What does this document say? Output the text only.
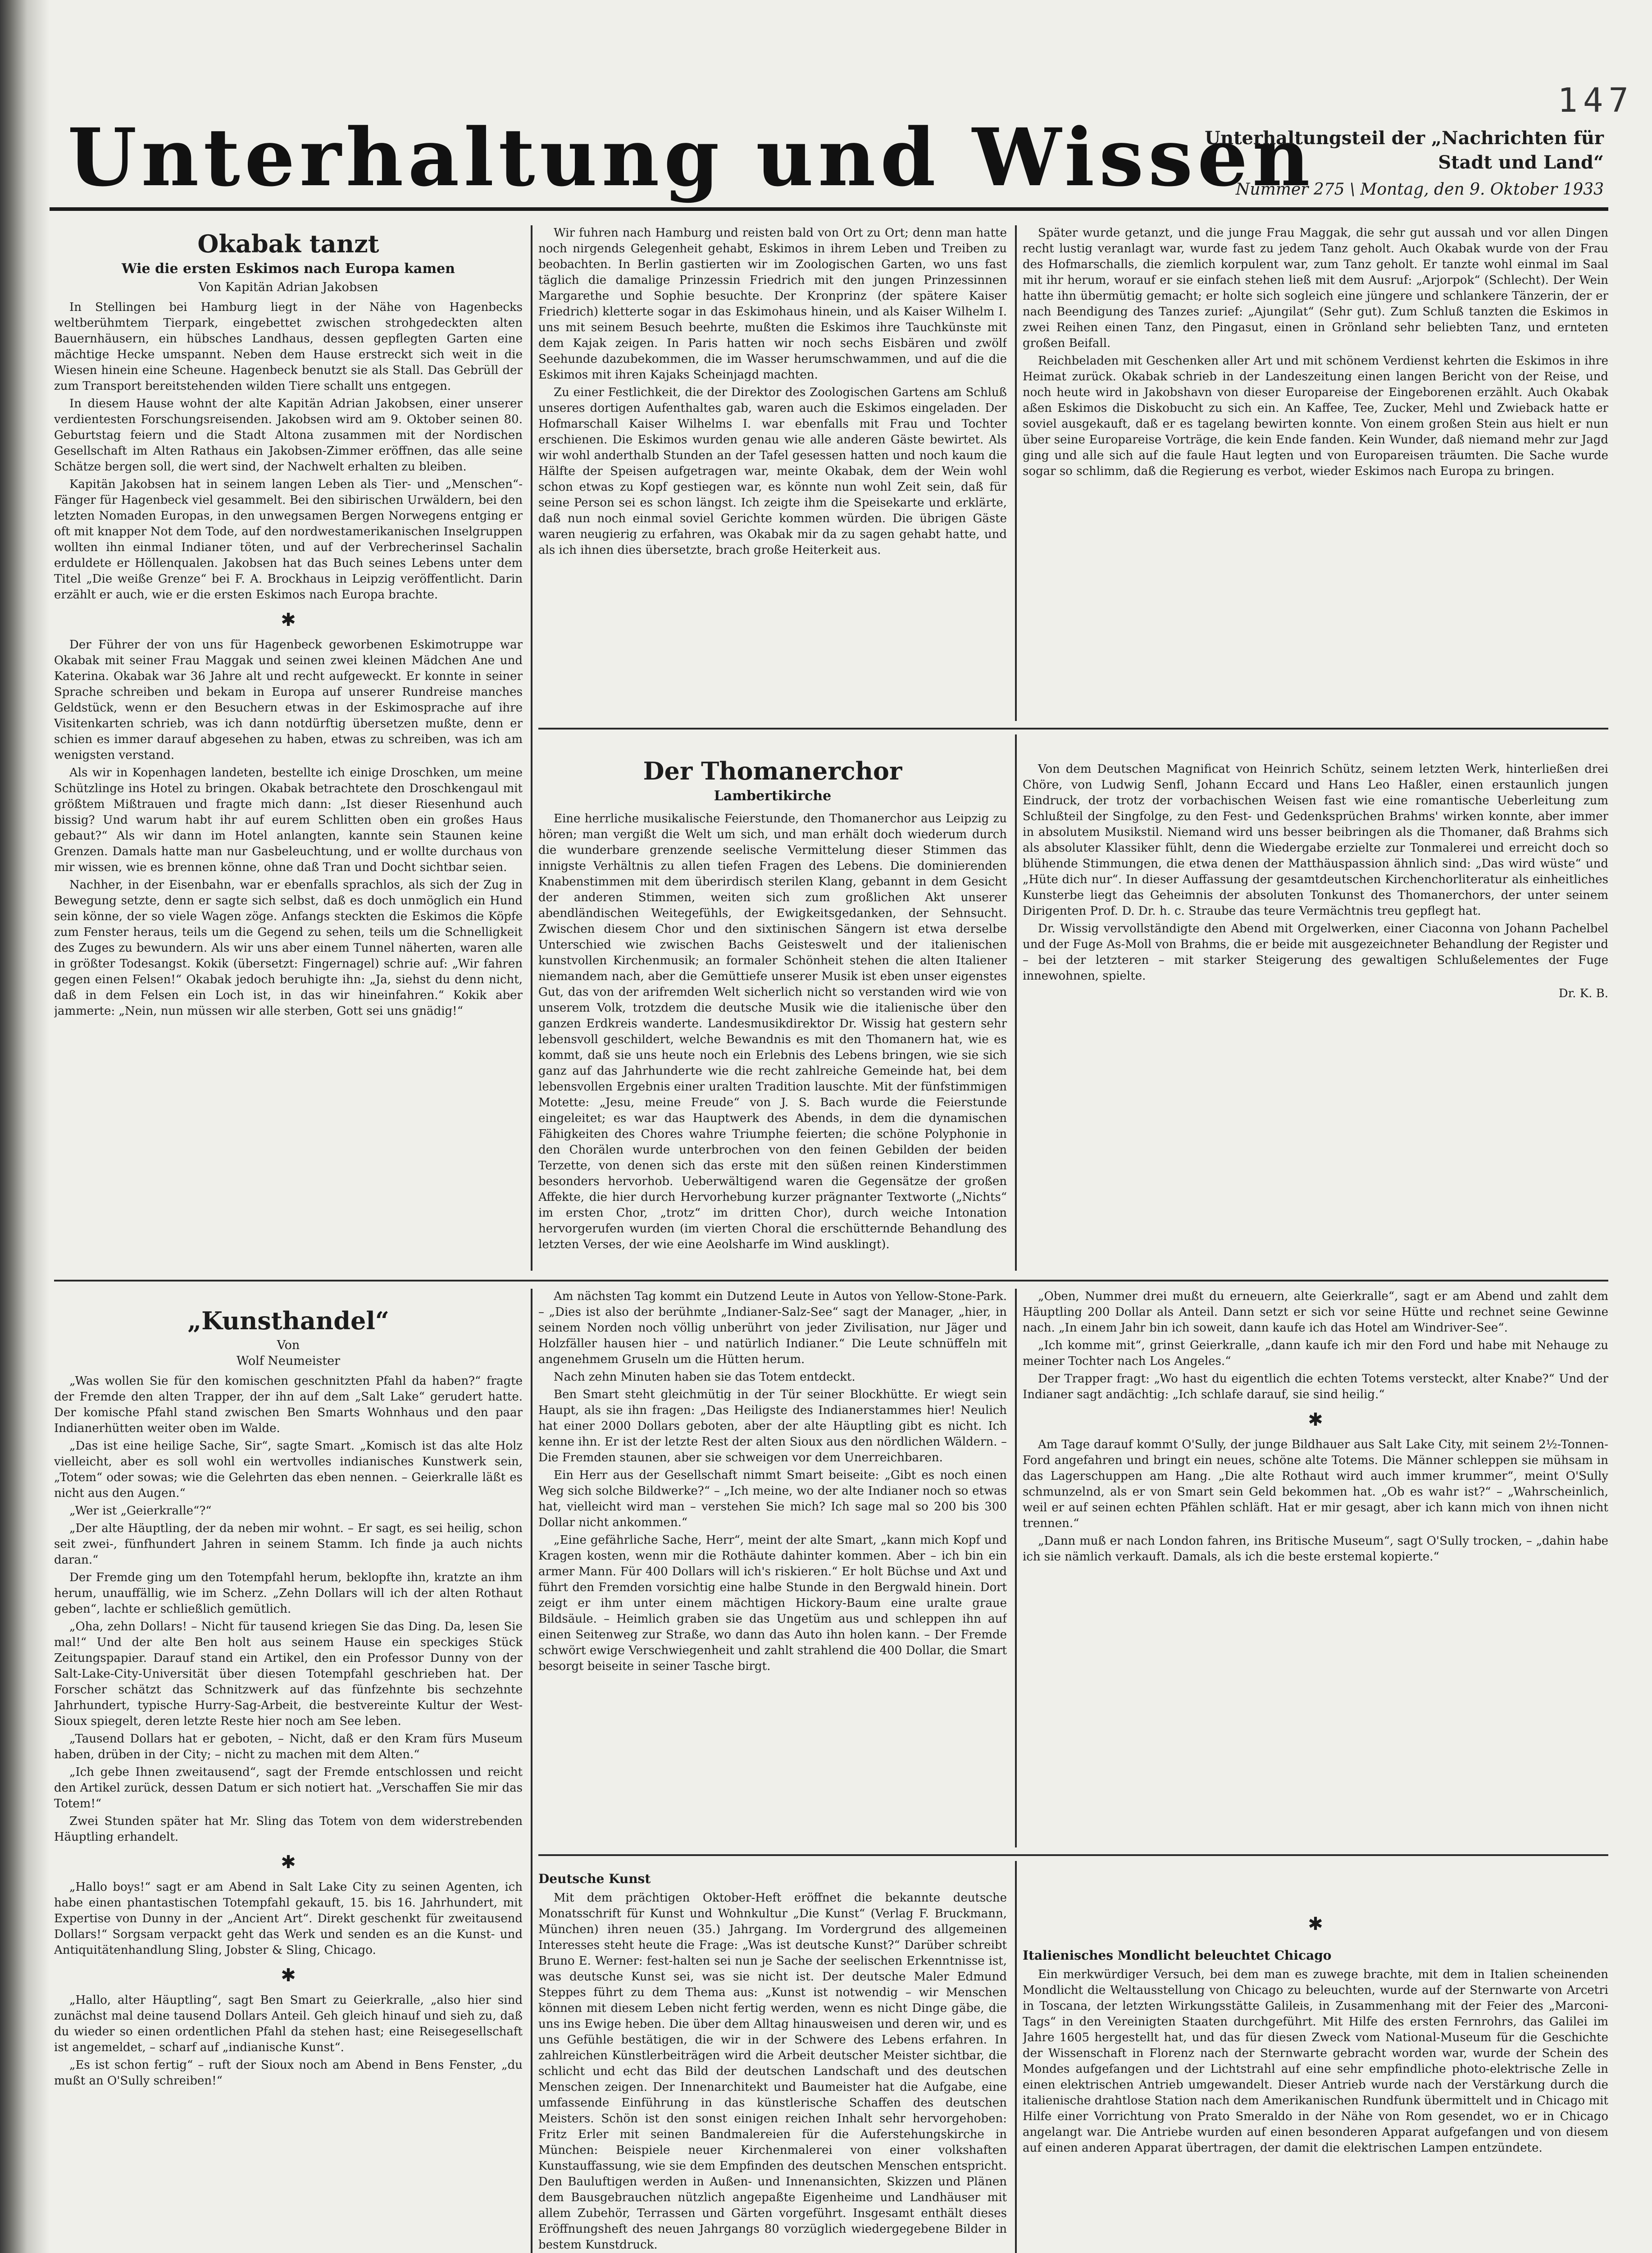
147
Unterhaltung und Wissen
Unterhaltungsteil der „Nachrichten für Stadt und Land“
Nummer 275 \ Montag, den 9. Oktober 1933
Okabak tanzt
Wie die ersten Eskimos nach Europa kamen
Von Kapitän Adrian Jakobsen

In Stellingen bei Hamburg liegt in der Nähe von Hagenbecks weltberühmtem Tierpark, eingebettet zwischen strohgedeckten alten Bauernhäusern, ein hübsches Landhaus, dessen gepflegten Garten eine mächtige Hecke umspannt. Neben dem Hause erstreckt sich weit in die Wiesen hinein eine Scheune. Hagenbeck benutzt sie als Stall. Das Gebrüll der zum Transport bereitstehenden wilden Tiere schallt uns entgegen.

In diesem Hause wohnt der alte Kapitän Adrian Jakobsen, einer unserer verdientesten Forschungsreisenden. Jakobsen wird am 9. Oktober seinen 80. Geburtstag feiern und die Stadt Altona zusammen mit der Nordischen Gesellschaft im Alten Rathaus ein Jakobsen-Zimmer eröffnen, das alle seine Schätze bergen soll, die wert sind, der Nachwelt erhalten zu bleiben.

Kapitän Jakobsen hat in seinem langen Leben als Tier- und „Menschen“-Fänger für Hagenbeck viel gesammelt. Bei den sibirischen Urwäldern, bei den letzten Nomaden Europas, in den unwegsamen Bergen Norwegens entging er oft mit knapper Not dem Tode, auf den nordwestamerikanischen Inselgruppen wollten ihn einmal Indianer töten, und auf der Verbrecherinsel Sachalin erduldete er Höllenqualen. Jakobsen hat das Buch seines Lebens unter dem Titel „Die weiße Grenze“ bei F. A. Brockhaus in Leipzig veröffentlicht. Darin erzählt er auch, wie er die ersten Eskimos nach Europa brachte.

✱

Der Führer der von uns für Hagenbeck geworbenen Eskimotruppe war Okabak mit seiner Frau Maggak und seinen zwei kleinen Mädchen Ane und Katerina. Okabak war 36 Jahre alt und recht aufgeweckt. Er konnte in seiner Sprache schreiben und bekam in Europa auf unserer Rundreise manches Geldstück, wenn er den Besuchern etwas in der Eskimosprache auf ihre Visitenkarten schrieb, was ich dann notdürftig übersetzen mußte, denn er schien es immer darauf abgesehen zu haben, etwas zu schreiben, was ich am wenigsten verstand.

Als wir in Kopenhagen landeten, bestellte ich einige Droschken, um meine Schützlinge ins Hotel zu bringen. Okabak betrachtete den Droschkengaul mit größtem Mißtrauen und fragte mich dann: „Ist dieser Riesenhund auch bissig? Und warum habt ihr auf eurem Schlitten oben ein großes Haus gebaut?“ Als wir dann im Hotel anlangten, kannte sein Staunen keine Grenzen. Damals hatte man nur Gasbeleuchtung, und er wollte durchaus von mir wissen, wie es brennen könne, ohne daß Tran und Docht sichtbar seien.

Nachher, in der Eisenbahn, war er ebenfalls sprachlos, als sich der Zug in Bewegung setzte, denn er sagte sich selbst, daß es doch unmöglich ein Hund sein könne, der so viele Wagen zöge. Anfangs steckten die Eskimos die Köpfe zum Fenster heraus, teils um die Gegend zu sehen, teils um die Schnelligkeit des Zuges zu bewundern. Als wir uns aber einem Tunnel näherten, waren alle in größter Todesangst. Kokik (übersetzt: Fingernagel) schrie auf: „Wir fahren gegen einen Felsen!“ Okabak jedoch beruhigte ihn: „Ja, siehst du denn nicht, daß in dem Felsen ein Loch ist, in das wir hineinfahren.“ Kokik aber jammerte: „Nein, nun müssen wir alle sterben, Gott sei uns gnädig!“

Wir fuhren nach Hamburg und reisten bald von Ort zu Ort; denn man hatte noch nirgends Gelegenheit gehabt, Eskimos in ihrem Leben und Treiben zu beobachten. In Berlin gastierten wir im Zoologischen Garten, wo uns fast täglich die damalige Prinzessin Friedrich mit den jungen Prinzessinnen Margarethe und Sophie besuchte. Der Kronprinz (der spätere Kaiser Friedrich) kletterte sogar in das Eskimohaus hinein, und als Kaiser Wilhelm I. uns mit seinem Besuch beehrte, mußten die Eskimos ihre Tauchkünste mit dem Kajak zeigen. In Paris hatten wir noch sechs Eisbären und zwölf Seehunde dazubekommen, die im Wasser herumschwammen, und auf die die Eskimos mit ihren Kajaks Scheinjagd machten.

Zu einer Festlichkeit, die der Direktor des Zoologischen Gartens am Schluß unseres dortigen Aufenthaltes gab, waren auch die Eskimos eingeladen. Der Hofmarschall Kaiser Wilhelms I. war ebenfalls mit Frau und Tochter erschienen. Die Eskimos wurden genau wie alle anderen Gäste bewirtet. Als wir wohl anderthalb Stunden an der Tafel gesessen hatten und noch kaum die Hälfte der Speisen aufgetragen war, meinte Okabak, dem der Wein wohl schon etwas zu Kopf gestiegen war, es könnte nun wohl Zeit sein, daß für seine Person sei es schon längst. Ich zeigte ihm die Speisekarte und erklärte, daß nun noch einmal soviel Gerichte kommen würden. Die übrigen Gäste waren neugierig zu erfahren, was Okabak mir da zu sagen gehabt hatte, und als ich ihnen dies übersetzte, brach große Heiterkeit aus.

Später wurde getanzt, und die junge Frau Maggak, die sehr gut aussah und vor allen Dingen recht lustig veranlagt war, wurde fast zu jedem Tanz geholt. Auch Okabak wurde von der Frau des Hofmarschalls, die ziemlich korpulent war, zum Tanz geholt. Er tanzte wohl einmal im Saal mit ihr herum, worauf er sie einfach stehen ließ mit dem Ausruf: „Arjorpok“ (Schlecht). Der Wein hatte ihn übermütig gemacht; er holte sich sogleich eine jüngere und schlankere Tänzerin, der er nach Beendigung des Tanzes zurief: „Ajungilat“ (Sehr gut). Zum Schluß tanzten die Eskimos in zwei Reihen einen Tanz, den Pingasut, einen in Grönland sehr beliebten Tanz, und ernteten großen Beifall.

Reichbeladen mit Geschenken aller Art und mit schönem Verdienst kehrten die Eskimos in ihre Heimat zurück. Okabak schrieb in der Landeszeitung einen langen Bericht von der Reise, und noch heute wird in Jakobshavn von dieser Europareise der Eingeborenen erzählt. Auch Okabak aßen Eskimos die Diskobucht zu sich ein. An Kaffee, Tee, Zucker, Mehl und Zwieback hatte er soviel ausgekauft, daß er es tagelang bewirten konnte. Von einem großen Stein aus hielt er nun über seine Europareise Vorträge, die kein Ende fanden. Kein Wunder, daß niemand mehr zur Jagd ging und alle sich auf die faule Haut legten und von Europareisen träumten. Die Sache wurde sogar so schlimm, daß die Regierung es verbot, wieder Eskimos nach Europa zu bringen.

Der Thomanerchor
Lambertikirche

Eine herrliche musikalische Feierstunde, den Thomanerchor aus Leipzig zu hören; man vergißt die Welt um sich, und man erhält doch wiederum durch die wunderbare grenzende seelische Vermittelung dieser Stimmen das innigste Verhältnis zu allen tiefen Fragen des Lebens. Die dominierenden Knabenstimmen mit dem überirdisch sterilen Klang, gebannt in dem Gesicht der anderen Stimmen, weiten sich zum großlichen Akt unserer abendländischen Weitegefühls, der Ewigkeitsgedanken, der Sehnsucht. Zwischen diesem Chor und den sixtinischen Sängern ist etwa derselbe Unterschied wie zwischen Bachs Geisteswelt und der italienischen kunstvollen Kirchenmusik; an formaler Schönheit stehen die alten Italiener niemandem nach, aber die Gemüttiefe unserer Musik ist eben unser eigenstes Gut, das von der arifremden Welt sicherlich nicht so verstanden wird wie von unserem Volk, trotzdem die deutsche Musik wie die italienische über den ganzen Erdkreis wanderte. Landesmusikdirektor Dr. Wissig hat gestern sehr lebensvoll geschildert, welche Bewandnis es mit den Thomanern hat, wie es kommt, daß sie uns heute noch ein Erlebnis des Lebens bringen, wie sie sich ganz auf das Jahrhunderte wie die recht zahlreiche Gemeinde hat, bei dem lebensvollen Ergebnis einer uralten Tradition lauschte. Mit der fünfstimmigen Motette: „Jesu, meine Freude“ von J. S. Bach wurde die Feierstunde eingeleitet; es war das Hauptwerk des Abends, in dem die dynamischen Fähigkeiten des Chores wahre Triumphe feierten; die schöne Polyphonie in den Chorälen wurde unterbrochen von den feinen Gebilden der beiden Terzette, von denen sich das erste mit den süßen reinen Kinderstimmen besonders hervorhob. Ueberwältigend waren die Gegensätze der großen Affekte, die hier durch Hervorhebung kurzer prägnanter Textworte („Nichts“ im ersten Chor, „trotz“ im dritten Chor), durch weiche Intonation hervorgerufen wurden (im vierten Choral die erschütternde Behandlung des letzten Verses, der wie eine Aeolsharfe im Wind ausklingt).

Von dem Deutschen Magnificat von Heinrich Schütz, seinem letzten Werk, hinterließen drei Chöre, von Ludwig Senfl, Johann Eccard und Hans Leo Haßler, einen erstaunlich jungen Eindruck, der trotz der vorbachischen Weisen fast wie eine romantische Ueberleitung zum Schlußteil der Singfolge, zu den Fest- und Gedenksprüchen Brahms' wirken konnte, aber immer in absolutem Musikstil. Niemand wird uns besser beibringen als die Thomaner, daß Brahms sich als absoluter Klassiker fühlt, denn die Wiedergabe erzielte zur Tonmalerei und erreicht doch so blühende Stimmungen, die etwa denen der Matthäuspassion ähnlich sind: „Das wird wüste“ und „Hüte dich nur“. In dieser Auffassung der gesamtdeutschen Kirchenchorliteratur als einheitliches Kunsterbe liegt das Geheimnis der absoluten Tonkunst des Thomanerchors, der unter seinem Dirigenten Prof. D. Dr. h. c. Straube das teure Vermächtnis treu gepflegt hat.

Dr. Wissig vervollständigte den Abend mit Orgelwerken, einer Ciaconna von Johann Pachelbel und der Fuge As-Moll von Brahms, die er beide mit ausgezeichneter Behandlung der Register und – bei der letzteren – mit starker Steigerung des gewaltigen Schlußelementes der Fuge innewohnen, spielte.

Dr. K. B.

„Kunsthandel“
Von
Wolf Neumeister

„Was wollen Sie für den komischen geschnitzten Pfahl da haben?“ fragte der Fremde den alten Trapper, der ihn auf dem „Salt Lake“ gerudert hatte. Der komische Pfahl stand zwischen Ben Smarts Wohnhaus und den paar Indianerhütten weiter oben im Walde.

„Das ist eine heilige Sache, Sir“, sagte Smart. „Komisch ist das alte Holz vielleicht, aber es soll wohl ein wertvolles indianisches Kunstwerk sein, „Totem“ oder sowas; wie die Gelehrten das eben nennen. – Geierkralle läßt es nicht aus den Augen.“

„Wer ist „Geierkralle“?“

„Der alte Häuptling, der da neben mir wohnt. – Er sagt, es sei heilig, schon seit zwei-, fünfhundert Jahren in seinem Stamm. Ich finde ja auch nichts daran.“

Der Fremde ging um den Totempfahl herum, beklopfte ihn, kratzte an ihm herum, unauffällig, wie im Scherz. „Zehn Dollars will ich der alten Rothaut geben“, lachte er schließlich gemütlich.

„Oha, zehn Dollars! – Nicht für tausend kriegen Sie das Ding. Da, lesen Sie mal!“ Und der alte Ben holt aus seinem Hause ein speckiges Stück Zeitungspapier. Darauf stand ein Artikel, den ein Professor Dunny von der Salt-Lake-City-Universität über diesen Totempfahl geschrieben hat. Der Forscher schätzt das Schnitzwerk auf das fünfzehnte bis sechzehnte Jahrhundert, typische Hurry-Sag-Arbeit, die bestvereinte Kultur der West-Sioux spiegelt, deren letzte Reste hier noch am See leben.

„Tausend Dollars hat er geboten, – Nicht, daß er den Kram fürs Museum haben, drüben in der City; – nicht zu machen mit dem Alten.“

„Ich gebe Ihnen zweitausend“, sagt der Fremde entschlossen und reicht den Artikel zurück, dessen Datum er sich notiert hat. „Verschaffen Sie mir das Totem!“

Zwei Stunden später hat Mr. Sling das Totem von dem widerstrebenden Häuptling erhandelt.

✱

„Hallo boys!“ sagt er am Abend in Salt Lake City zu seinen Agenten, ich habe einen phantastischen Totempfahl gekauft, 15. bis 16. Jahrhundert, mit Expertise von Dunny in der „Ancient Art“. Direkt geschenkt für zweitausend Dollars!“ Sorgsam verpackt geht das Werk und senden es an die Kunst- und Antiquitätenhandlung Sling, Jobster & Sling, Chicago.

✱

„Hallo, alter Häuptling“, sagt Ben Smart zu Geierkralle, „also hier sind zunächst mal deine tausend Dollars Anteil. Geh gleich hinauf und sieh zu, daß du wieder so einen ordentlichen Pfahl da stehen hast; eine Reisegesellschaft ist angemeldet, – scharf auf „indianische Kunst“.

„Es ist schon fertig“ – ruft der Sioux noch am Abend in Bens Fenster, „du mußt an O'Sully schreiben!“

Am nächsten Tag kommt ein Dutzend Leute in Autos von Yellow-Stone-Park. – „Dies ist also der berühmte „Indianer-Salz-See“ sagt der Manager, „hier, in seinem Norden noch völlig unberührt von jeder Zivilisation, nur Jäger und Holzfäller hausen hier – und natürlich Indianer.“ Die Leute schnüffeln mit angenehmem Gruseln um die Hütten herum.

Nach zehn Minuten haben sie das Totem entdeckt.

Ben Smart steht gleichmütig in der Tür seiner Blockhütte. Er wiegt sein Haupt, als sie ihn fragen: „Das Heiligste des Indianerstammes hier! Neulich hat einer 2000 Dollars geboten, aber der alte Häuptling gibt es nicht. Ich kenne ihn. Er ist der letzte Rest der alten Sioux aus den nördlichen Wäldern. – Die Fremden staunen, aber sie schweigen vor dem Unerreichbaren.

Ein Herr aus der Gesellschaft nimmt Smart beiseite: „Gibt es noch einen Weg sich solche Bildwerke?“ – „Ich meine, wo der alte Indianer noch so etwas hat, vielleicht wird man – verstehen Sie mich? Ich sage mal so 200 bis 300 Dollar nicht ankommen.“

„Eine gefährliche Sache, Herr“, meint der alte Smart, „kann mich Kopf und Kragen kosten, wenn mir die Rothäute dahinter kommen. Aber – ich bin ein armer Mann. Für 400 Dollars will ich's riskieren.“ Er holt Büchse und Axt und führt den Fremden vorsichtig eine halbe Stunde in den Bergwald hinein. Dort zeigt er ihm unter einem mächtigen Hickory-Baum eine uralte graue Bildsäule. – Heimlich graben sie das Ungetüm aus und schleppen ihn auf einen Seitenweg zur Straße, wo dann das Auto ihn holen kann. – Der Fremde schwört ewige Verschwiegenheit und zahlt strahlend die 400 Dollar, die Smart besorgt beiseite in seiner Tasche birgt.

„Oben, Nummer drei mußt du erneuern, alte Geierkralle“, sagt er am Abend und zahlt dem Häuptling 200 Dollar als Anteil. Dann setzt er sich vor seine Hütte und rechnet seine Gewinne nach. „In einem Jahr bin ich soweit, dann kaufe ich das Hotel am Windriver-See“.

„Ich komme mit“, grinst Geierkralle, „dann kaufe ich mir den Ford und habe mit Nehauge zu meiner Tochter nach Los Angeles.“

Der Trapper fragt: „Wo hast du eigentlich die echten Totems versteckt, alter Knabe?“ Und der Indianer sagt andächtig: „Ich schlafe darauf, sie sind heilig.“

✱

Am Tage darauf kommt O'Sully, der junge Bildhauer aus Salt Lake City, mit seinem 2½-Tonnen-Ford angefahren und bringt ein neues, schöne alte Totems. Die Männer schleppen sie mühsam in das Lagerschuppen am Hang. „Die alte Rothaut wird auch immer krummer“, meint O'Sully schmunzelnd, als er von Smart sein Geld bekommen hat. „Ob es wahr ist?“ – „Wahrscheinlich, weil er auf seinen echten Pfählen schläft. Hat er mir gesagt, aber ich kann mich von ihnen nicht trennen.“

„Dann muß er nach London fahren, ins Britische Museum“, sagt O'Sully trocken, – „dahin habe ich sie nämlich verkauft. Damals, als ich die beste erstemal kopierte.“

Deutsche Kunst

Mit dem prächtigen Oktober-Heft eröffnet die bekannte deutsche Monatsschrift für Kunst und Wohnkultur „Die Kunst“ (Verlag F. Bruckmann, München) ihren neuen (35.) Jahrgang. Im Vordergrund des allgemeinen Interesses steht heute die Frage: „Was ist deutsche Kunst?“ Darüber schreibt Bruno E. Werner: fest-halten sei nun je Sache der seelischen Erkenntnisse ist, was deutsche Kunst sei, was sie nicht ist. Der deutsche Maler Edmund Steppes führt zu dem Thema aus: „Kunst ist notwendig – wir Menschen können mit diesem Leben nicht fertig werden, wenn es nicht Dinge gäbe, die uns ins Ewige heben. Die über dem Alltag hinausweisen und deren wir, und es uns Gefühle bestätigen, die wir in der Schwere des Lebens erfahren. In zahlreichen Künstlerbeiträgen wird die Arbeit deutscher Meister sichtbar, die schlicht und echt das Bild der deutschen Landschaft und des deutschen Menschen zeigen. Der Innenarchitekt und Baumeister hat die Aufgabe, eine umfassende Einführung in das künstlerische Schaffen des deutschen Meisters. Schön ist den sonst einigen reichen Inhalt sehr hervorgehoben: Fritz Erler mit seinen Bandmalereien für die Auferstehungskirche in München: Beispiele neuer Kirchenmalerei von einer volkshaften Kunstauffassung, wie sie dem Empfinden des deutschen Menschen entspricht. Den Bauluftigen werden in Außen- und Innenansichten, Skizzen und Plänen dem Bausgebrauchen nützlich angepaßte Eigenheime und Landhäuser mit allem Zubehör, Terrassen und Gärten vorgeführt. Insgesamt enthält dieses Eröffnungsheft des neuen Jahrgangs 80 vorzüglich wiedergegebene Bilder in bestem Kunstdruck.

✱
Italienisches Mondlicht beleuchtet Chicago

Ein merkwürdiger Versuch, bei dem man es zuwege brachte, mit dem in Italien scheinenden Mondlicht die Weltausstellung von Chicago zu beleuchten, wurde auf der Sternwarte von Arcetri in Toscana, der letzten Wirkungsstätte Galileis, in Zusammenhang mit der Feier des „Marconi-Tags“ in den Vereinigten Staaten durchgeführt. Mit Hilfe des ersten Fernrohrs, das Galilei im Jahre 1605 hergestellt hat, und das für diesen Zweck vom National-Museum für die Geschichte der Wissenschaft in Florenz nach der Sternwarte gebracht worden war, wurde der Schein des Mondes aufgefangen und der Lichtstrahl auf eine sehr empfindliche photo-elektrische Zelle in einen elektrischen Antrieb umgewandelt. Dieser Antrieb wurde nach der Verstärkung durch die italienische drahtlose Station nach dem Amerikanischen Rundfunk übermittelt und in Chicago mit Hilfe einer Vorrichtung von Prato Smeraldo in der Nähe von Rom gesendet, wo er in Chicago angelangt war. Die Antriebe wurden auf einen besonderen Apparat aufgefangen und von diesem auf einen anderen Apparat übertragen, der damit die elektrischen Lampen entzündete.
